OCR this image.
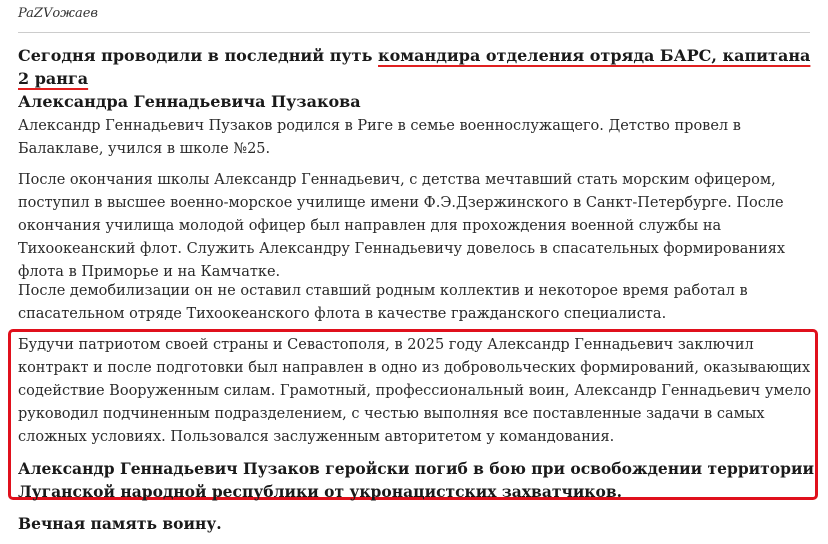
PaZVожаев

Сегодня проводили в последний путь командира отделения отряда БАРС, капитана 2 ранга
Александра Геннадьевича Пузакова

Александр Геннадьевич Пузаков родился в Риге в семье военнослужащего. Детство провел в Балаклаве, учился в школе №25.

После окончания школы Александр Геннадьевич, с детства мечтавший стать морским офицером, поступил в высшее военно-морское училище имени Ф.Э.Дзержинского в Санкт-Петербурге. После окончания училища молодой офицер был направлен для прохождения военной службы на Тихоокеанский флот. Служить Александру Геннадьевичу довелось в спасательных формированиях флота в Приморье и на Камчатке.

После демобилизации он не оставил ставший родным коллектив и некоторое время работал в спасательном отряде Тихоокеанского флота в качестве гражданского специалиста.

Будучи патриотом своей страны и Севастополя, в 2025 году Александр Геннадьевич заключил контракт и после подготовки был направлен в одно из добровольческих формирований, оказывающих содействие Вооруженным силам. Грамотный, профессиональный воин, Александр Геннадьевич умело руководил подчиненным подразделением, с честью выполняя все поставленные задачи в самых сложных условиях. Пользовался заслуженным авторитетом у командования.

Александр Геннадьевич Пузаков геройски погиб в бою при освобождении территории Луганской народной республики от укронацистских захватчиков.

Вечная память воину.
